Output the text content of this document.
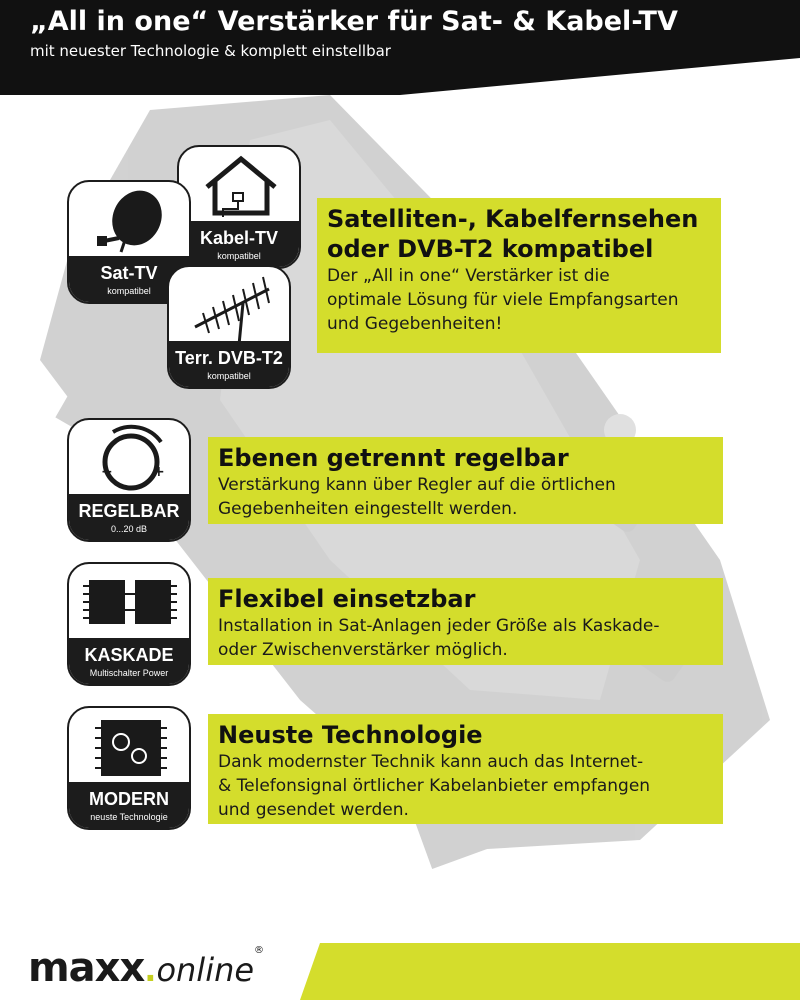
„All in one“ Verstärker für Sat- & Kabel-TV
mit neuester Technologie & komplett einstellbar
Kabel-TV
kompatibel
Sat-TV
kompatibel
Terr. DVB-T2
kompatibel
Satelliten-, Kabelfernsehen
oder DVB-T2 kompatibel
Der „All in one“ Verstärker ist die
optimale Lösung für viele Empfangsarten
und Gegebenheiten!
−	+
REGELBAR
0...20 dB
Ebenen getrennt regelbar
Verstärkung kann über Regler auf die örtlichen
Gegebenheiten eingestellt werden.
KASKADE
Multischalter Power
Flexibel einsetzbar
Installation in Sat-Anlagen jeder Größe als Kaskade-
oder Zwischenverstärker möglich.
MODERN
neuste Technologie
Neuste Technologie
Dank modernster Technik kann auch das Internet-
& Telefonsignal örtlicher Kabelanbieter empfangen
und gesendet werden.
maxx.online®
